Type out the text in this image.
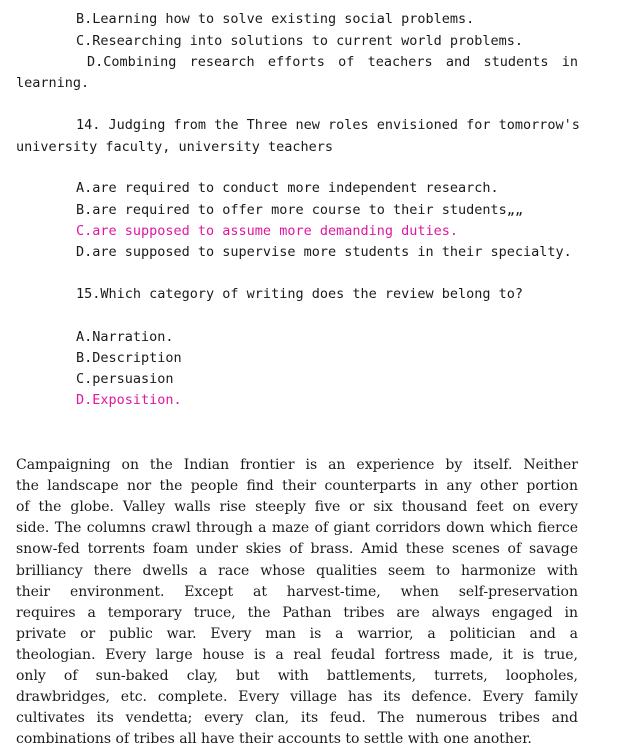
B.Learning how to solve existing social problems.
C.Researching into solutions to current world problems.
D.Combining research efforts of teachers and students in
learning.
14. Judging from the Three new roles envisioned for tomorrow's
university faculty, university teachers
A.are required to conduct more independent research.
B.are required to offer more course to their students„„
C.are supposed to assume more demanding duties.
D.are supposed to supervise more students in their specialty.
15.Which category of writing does the review belong to?
A.Narration.
B.Description
C.persuasion
D.Exposition.
Campaigning on the Indian frontier is an experience by itself. Neither
the landscape nor the people find their counterparts in any other portion
of the globe. Valley walls rise steeply five or six thousand feet on every
side. The columns crawl through a maze of giant corridors down which fierce
snow-fed torrents foam under skies of brass. Amid these scenes of savage
brilliancy there dwells a race whose qualities seem to harmonize with
their environment. Except at harvest-time, when self-preservation
requires a temporary truce, the Pathan tribes are always engaged in
private or public war. Every man is a warrior, a politician and a
theologian. Every large house is a real feudal fortress made, it is true,
only of sun-baked clay, but with battlements, turrets, loopholes,
drawbridges, etc. complete. Every village has its defence. Every family
cultivates its vendetta; every clan, its feud. The numerous tribes and
combinations of tribes all have their accounts to settle with one another.
